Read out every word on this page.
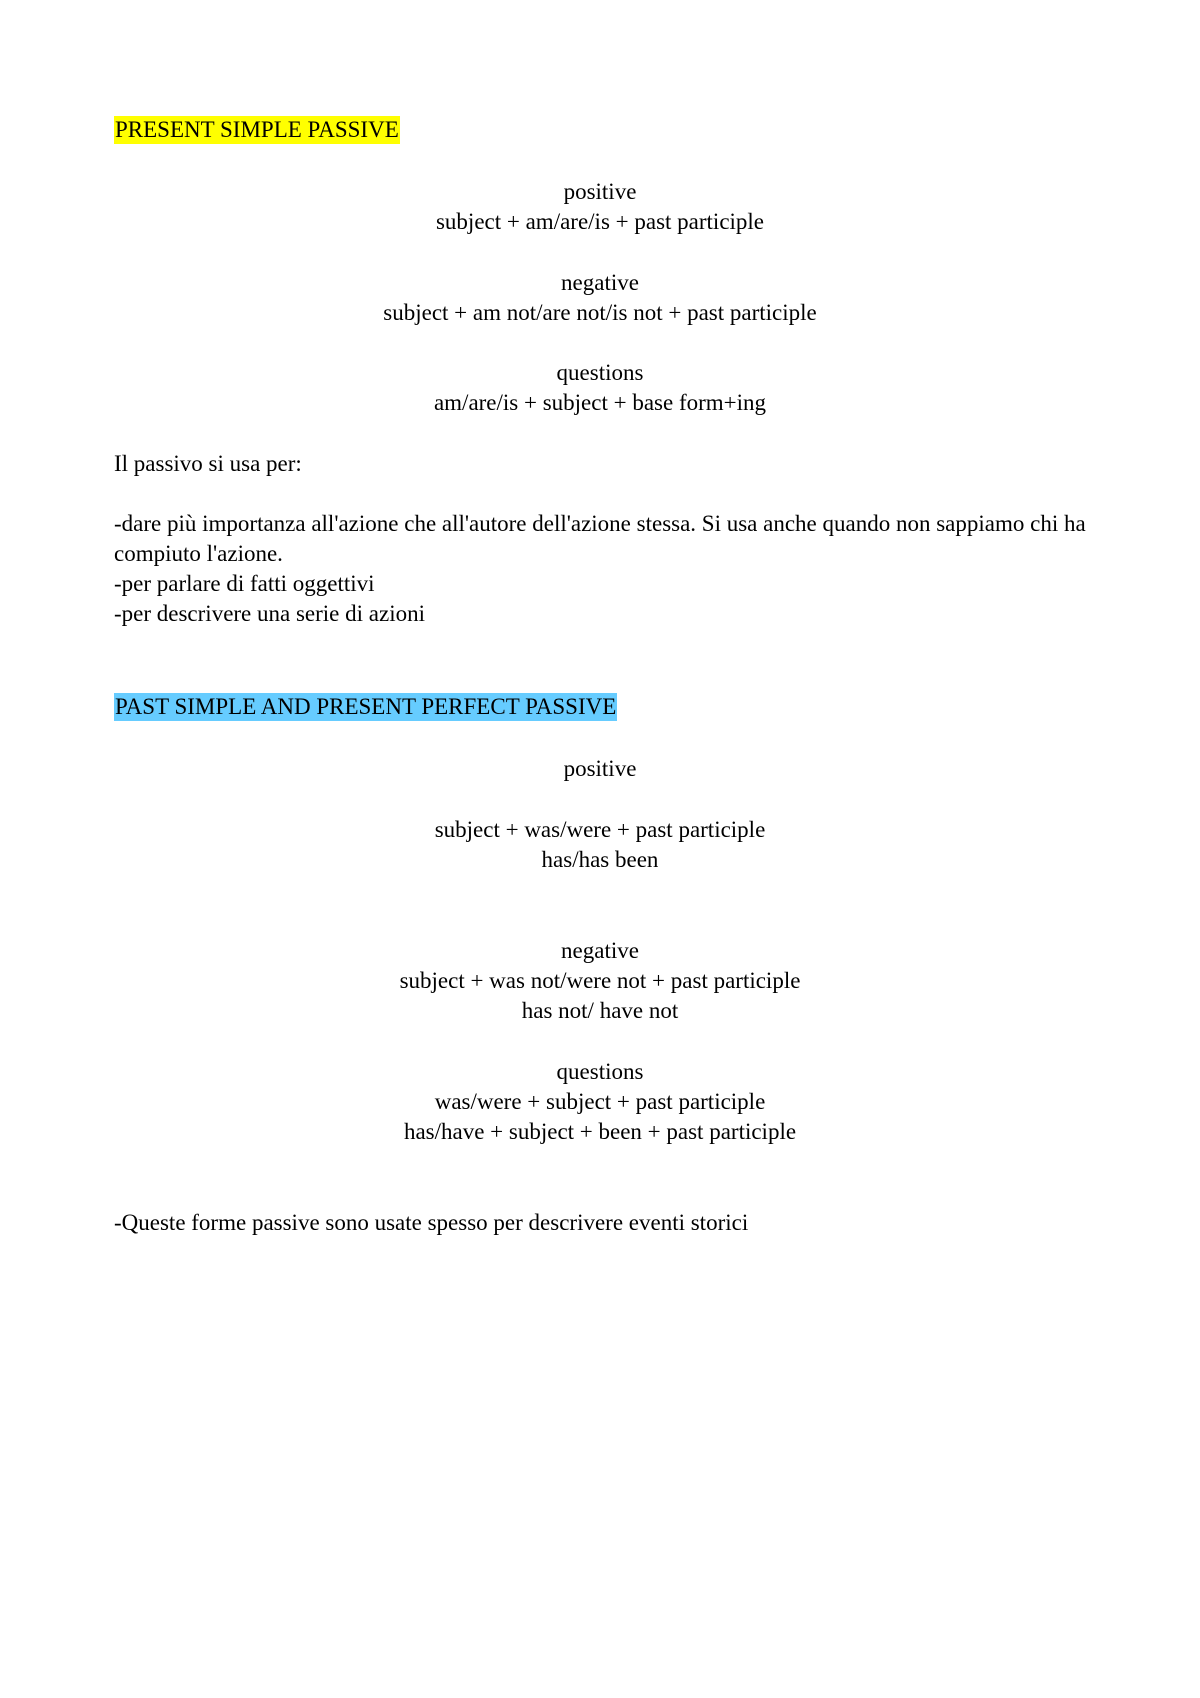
PRESENT SIMPLE PASSIVE
positive
subject + am/are/is + past participle
negative
subject + am not/are not/is not + past participle
questions
am/are/is + subject + base form+ing
Il passivo si usa per:
-dare più importanza all'azione che all'autore dell'azione stessa. Si usa anche quando non sappiamo chi ha compiuto l'azione.
-per parlare di fatti oggettivi
-per descrivere una serie di azioni
PAST SIMPLE AND PRESENT PERFECT PASSIVE
positive
subject + was/were + past participle
has/has been
negative
subject + was not/were not + past participle
has not/ have not
questions
was/were + subject + past participle
has/have + subject + been + past participle
-Queste forme passive sono usate spesso per descrivere eventi storici
